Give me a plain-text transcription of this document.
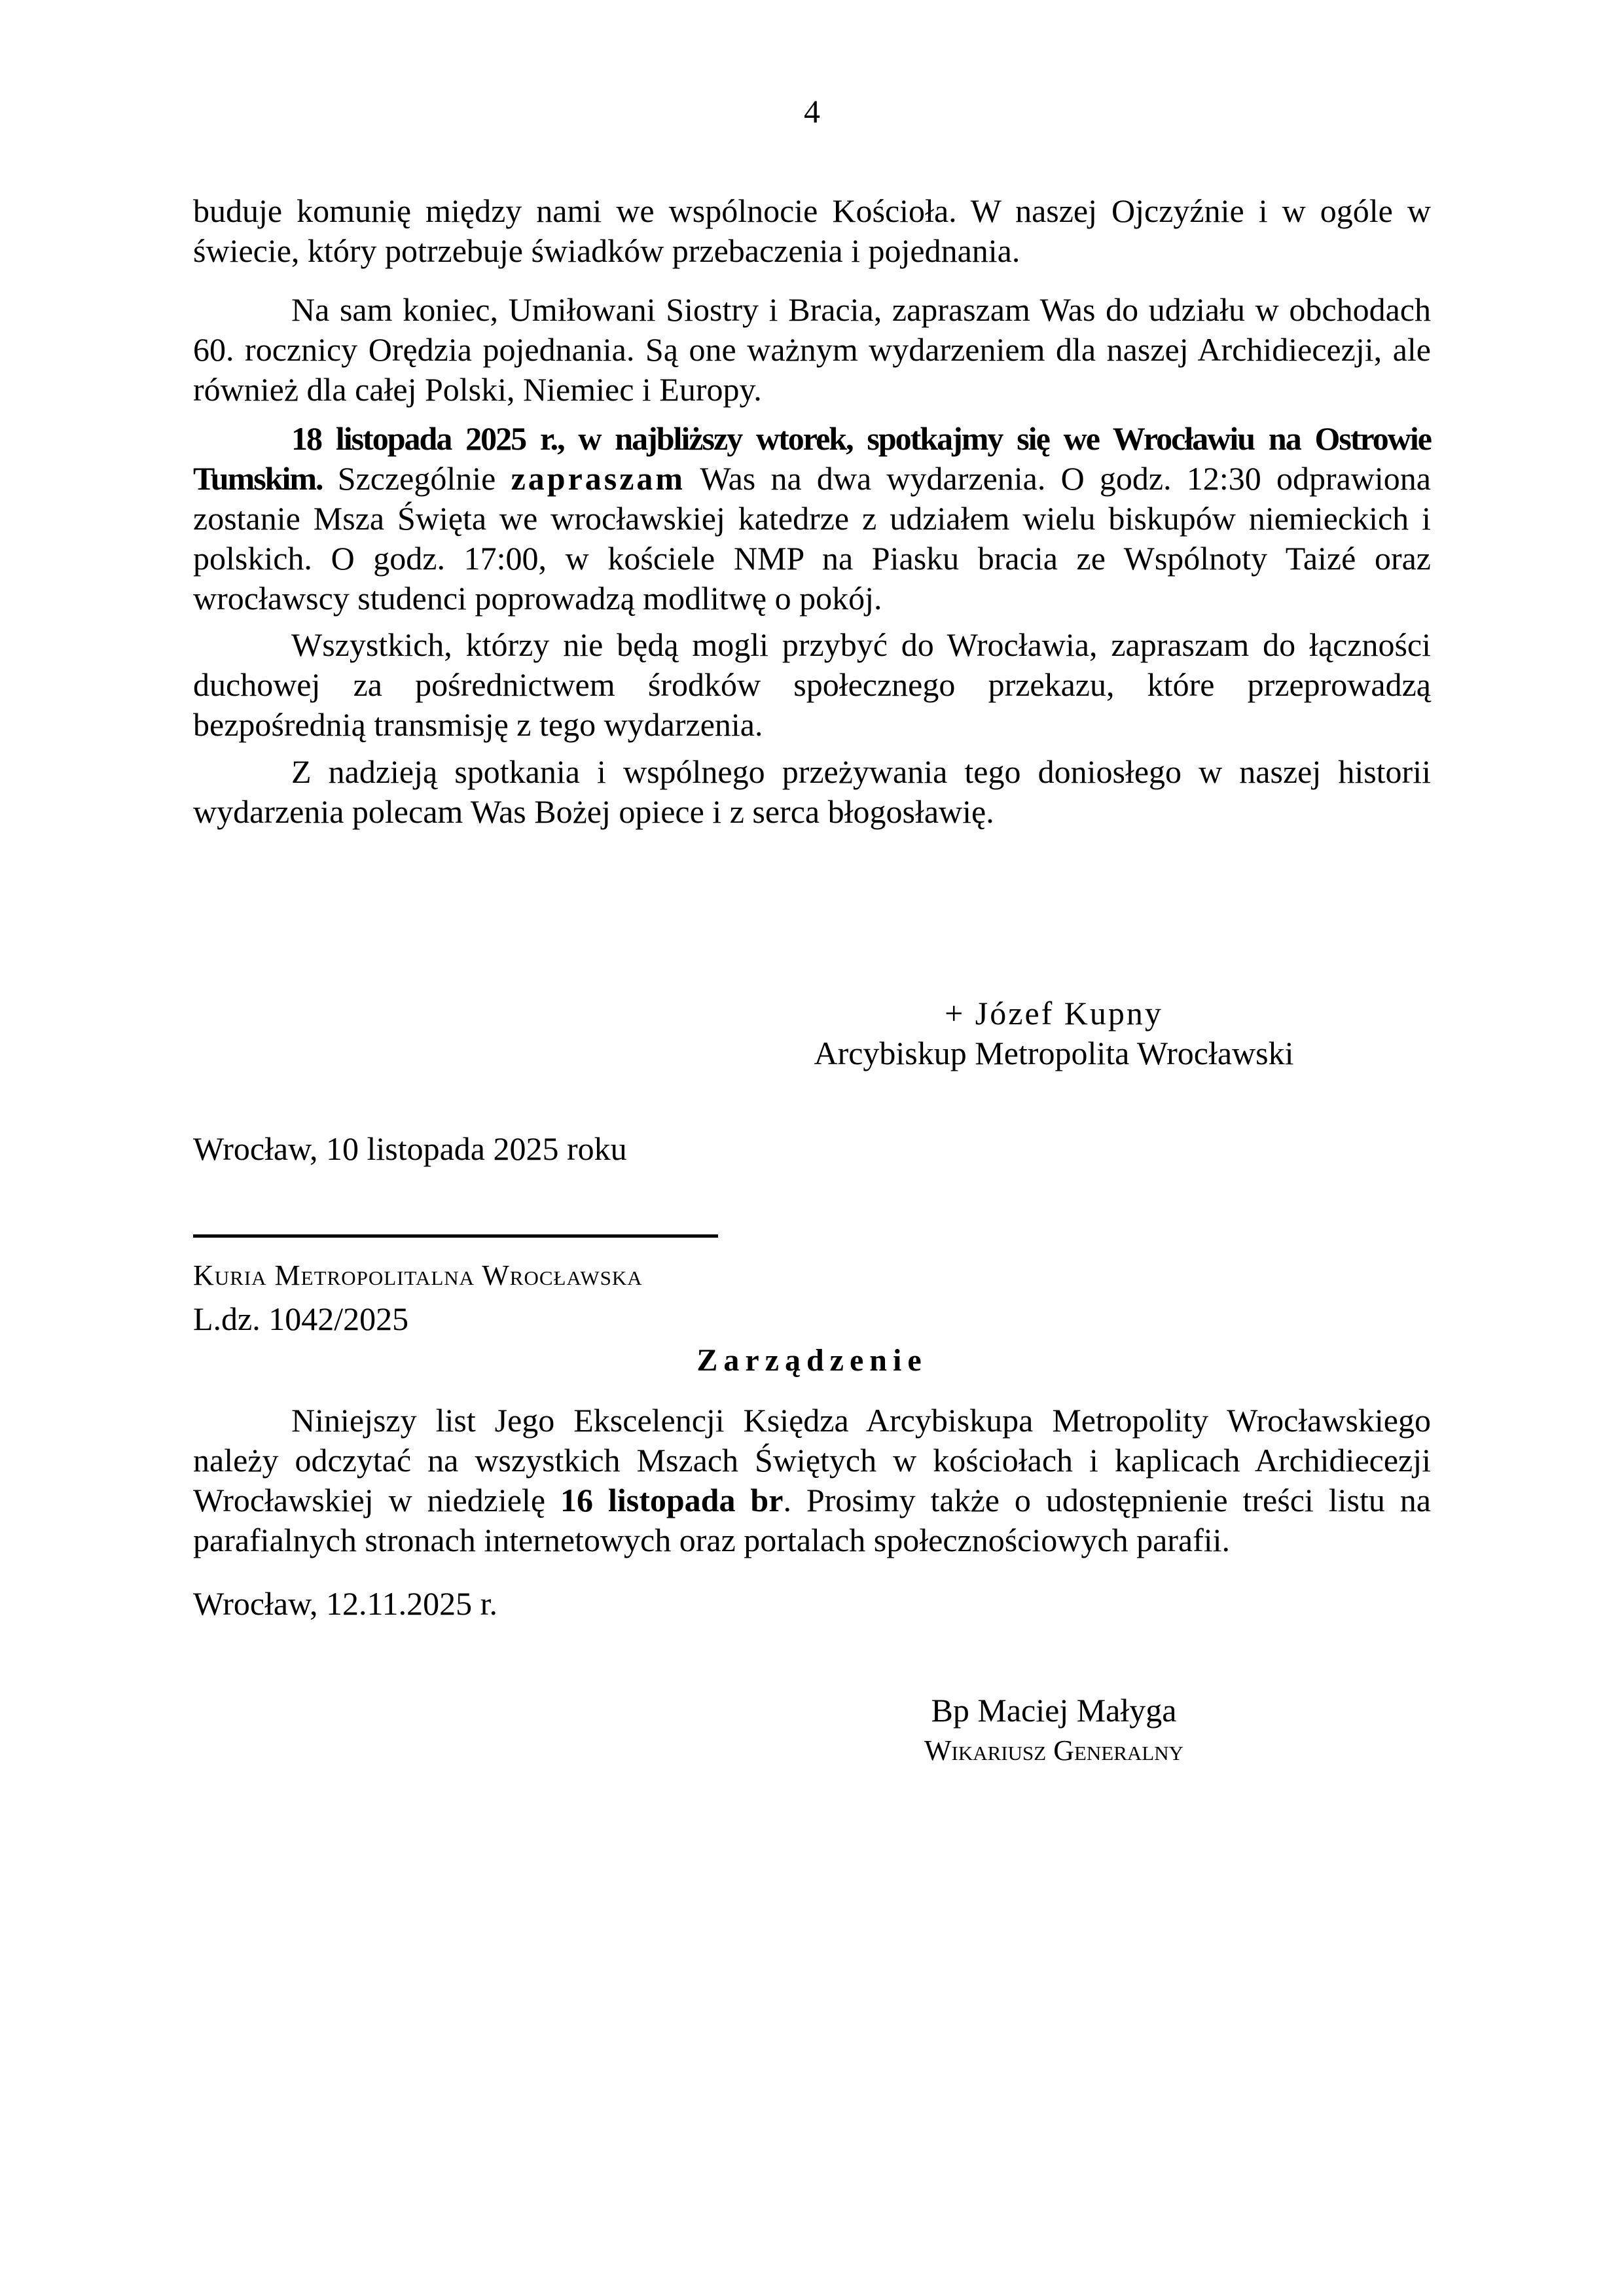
4

buduje komunię między nami we wspólnocie Kościoła. W naszej Ojczyźnie i w ogóle w świecie, który potrzebuje świadków przebaczenia i pojednania.

Na sam koniec, Umiłowani Siostry i Bracia, zapraszam Was do udziału w obchodach 60. rocznicy Orędzia pojednania. Są one ważnym wydarzeniem dla naszej Archidiecezji, ale również dla całej Polski, Niemiec i Europy.

18 listopada 2025 r., w najbliższy wtorek, spotkajmy się we Wrocławiu na Ostrowie Tumskim. Szczególnie zapraszam Was na dwa wydarzenia. O godz. 12:30 odprawiona zostanie Msza Święta we wrocławskiej katedrze z udziałem wielu biskupów niemieckich i polskich. O godz. 17:00, w kościele NMP na Piasku bracia ze Wspólnoty Taizé oraz wrocławscy studenci poprowadzą modlitwę o pokój.

Wszystkich, którzy nie będą mogli przybyć do Wrocławia, zapraszam do łączności duchowej za pośrednictwem środków społecznego przekazu, które przeprowadzą bezpośrednią transmisję z tego wydarzenia.

Z nadzieją spotkania i wspólnego przeżywania tego doniosłego w naszej historii wydarzenia polecam Was Bożej opiece i z serca błogosławię.

+ Józef Kupny
Arcybiskup Metropolita Wrocławski
Wrocław, 10 listopada 2025 roku
Kuria Metropolitalna Wrocławska
L.dz. 1042/2025
Zarządzenie

Niniejszy list Jego Ekscelencji Księdza Arcybiskupa Metropolity Wrocławskiego należy odczytać na wszystkich Mszach Świętych w kościołach i kaplicach Archidiecezji Wrocławskiej w niedzielę 16 listopada br. Prosimy także o udostępnienie treści listu na parafialnych stronach internetowych oraz portalach społecznościowych parafii.

Wrocław, 12.11.2025 r.
Bp Maciej Małyga
Wikariusz Generalny
